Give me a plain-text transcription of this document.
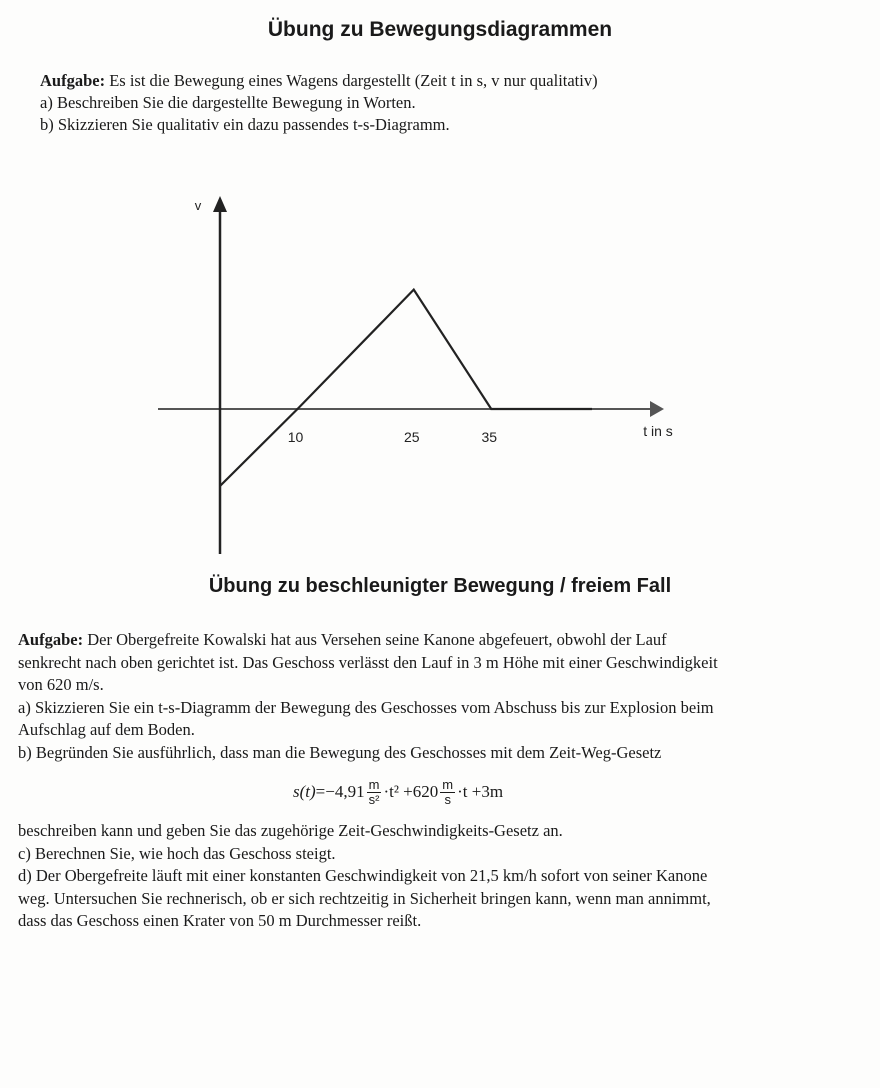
Übung zu Bewegungsdiagrammen
Aufgabe: Es ist die Bewegung eines Wagens dargestellt (Zeit t in s, v nur qualitativ)
a) Beschreiben Sie die dargestellte Bewegung in Worten.
b) Skizzieren Sie qualitativ ein dazu passendes t-s-Diagramm.
10	25	35	t in s
v
Übung zu beschleunigter Bewegung / freiem Fall
Aufgabe: Der Obergefreite Kowalski hat aus Versehen seine Kanone abgefeuert, obwohl der Lauf
senkrecht nach oben gerichtet ist. Das Geschoss verlässt den Lauf in 3 m Höhe mit einer Geschwindigkeit
von 620 m/s.
a) Skizzieren Sie ein t-s-Diagramm der Bewegung des Geschosses vom Abschuss bis zur Explosion beim
Aufschlag auf dem Boden.
b) Begründen Sie ausführlich, dass man die Bewegung des Geschosses mit dem Zeit-Weg-Gesetz
$s(t) =-4,91 \frac{m}{\text{s²}} \cdot t^2 +620 \frac{m}{s} \cdot t +3m$
beschreiben kann und geben Sie das zugehörige Zeit-Geschwindigkeits-Gesetz an.
c) Berechnen Sie, wie hoch das Geschoss steigt.
d) Der Obergefreite läuft mit einer konstanten Geschwindigkeit von 21,5 km/h sofort von seiner Kanone
weg. Untersuchen Sie rechnerisch, ob er sich rechtzeitig in Sicherheit bringen kann, wenn man annimmt,
dass das Geschoss einen Krater von 50 m Durchmesser reißt.
